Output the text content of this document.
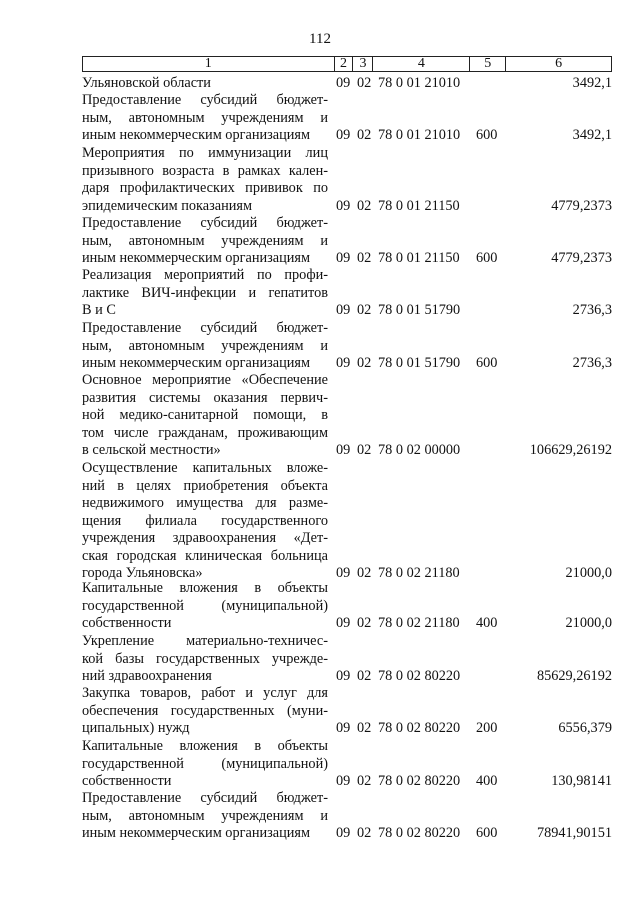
112
1	2 3	4	5	6
Ульяновской области	09 02 78 0 01 21010	3492,1
Предоставление субсидий бюджет-
ным, автономным учреждениям и
иным некоммерческим организациям	09 02 78 0 01 21010 600	3492,1
Мероприятия по иммунизации лиц
призывного возраста в рамках кален-
даря профилактических прививок по
эпидемическим показаниям	09 02 78 0 01 21150	4779,2373
Предоставление субсидий бюджет-
ным, автономным учреждениям и
иным некоммерческим организациям	09 02 78 0 01 21150 600	4779,2373
Реализация мероприятий по профи-
лактике ВИЧ-инфекции и гепатитов
В и С	09 02 78 0 01 51790	2736,3
Предоставление субсидий бюджет-
ным, автономным учреждениям и
иным некоммерческим организациям	09 02 78 0 01 51790 600	2736,3
Основное мероприятие «Обеспечение
развития системы оказания первич-
ной медико-санитарной помощи, в
том числе гражданам, проживающим
в сельской местности»	09 02 78 0 02 00000	106629,26192
Осуществление капитальных вложе-
ний в целях приобретения объекта
недвижимого имущества для разме-
щения филиала государственного
учреждения здравоохранения «Дет-
ская городская клиническая больница
города Ульяновска»	09 02 78 0 02 21180	21000,0
Капитальные вложения в объекты
государственной (муниципальной)
собственности	09 02 78 0 02 21180 400	21000,0
Укрепление материально-техничес-
кой базы государственных учрежде-
ний здравоохранения	09 02 78 0 02 80220	85629,26192
Закупка товаров, работ и услуг для
обеспечения государственных (муни-
ципальных) нужд	09 02 78 0 02 80220 200	6556,379
Капитальные вложения в объекты
государственной (муниципальной)
собственности	09 02 78 0 02 80220 400	130,98141
Предоставление субсидий бюджет-
ным, автономным учреждениям и
иным некоммерческим организациям	09 02 78 0 02 80220 600	78941,90151
